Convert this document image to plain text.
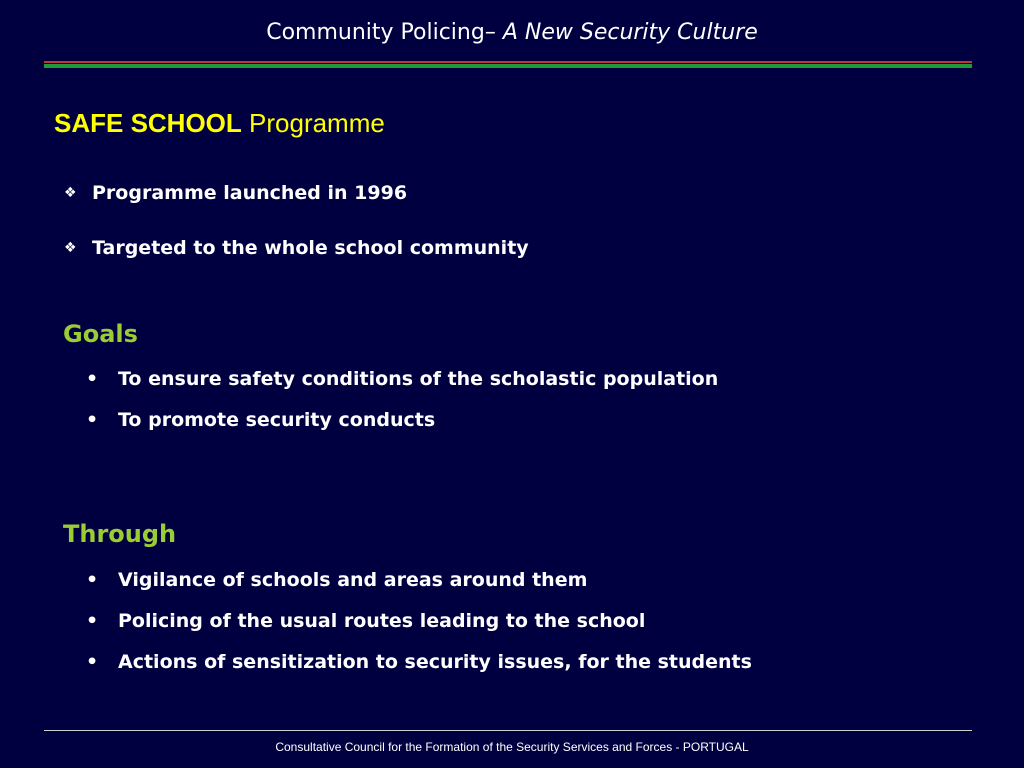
Community Policing– A New Security Culture
SAFE SCHOOL Programme
❖ Programme launched in 1996
❖ Targeted to the whole school community
Goals
• To ensure safety conditions of the scholastic population
• To promote security conducts
Through
• Vigilance of schools and areas around them
• Policing of the usual routes leading to the school
• Actions of sensitization to security issues, for the students
Consultative Council for the Formation of the Security Services and Forces - PORTUGAL
